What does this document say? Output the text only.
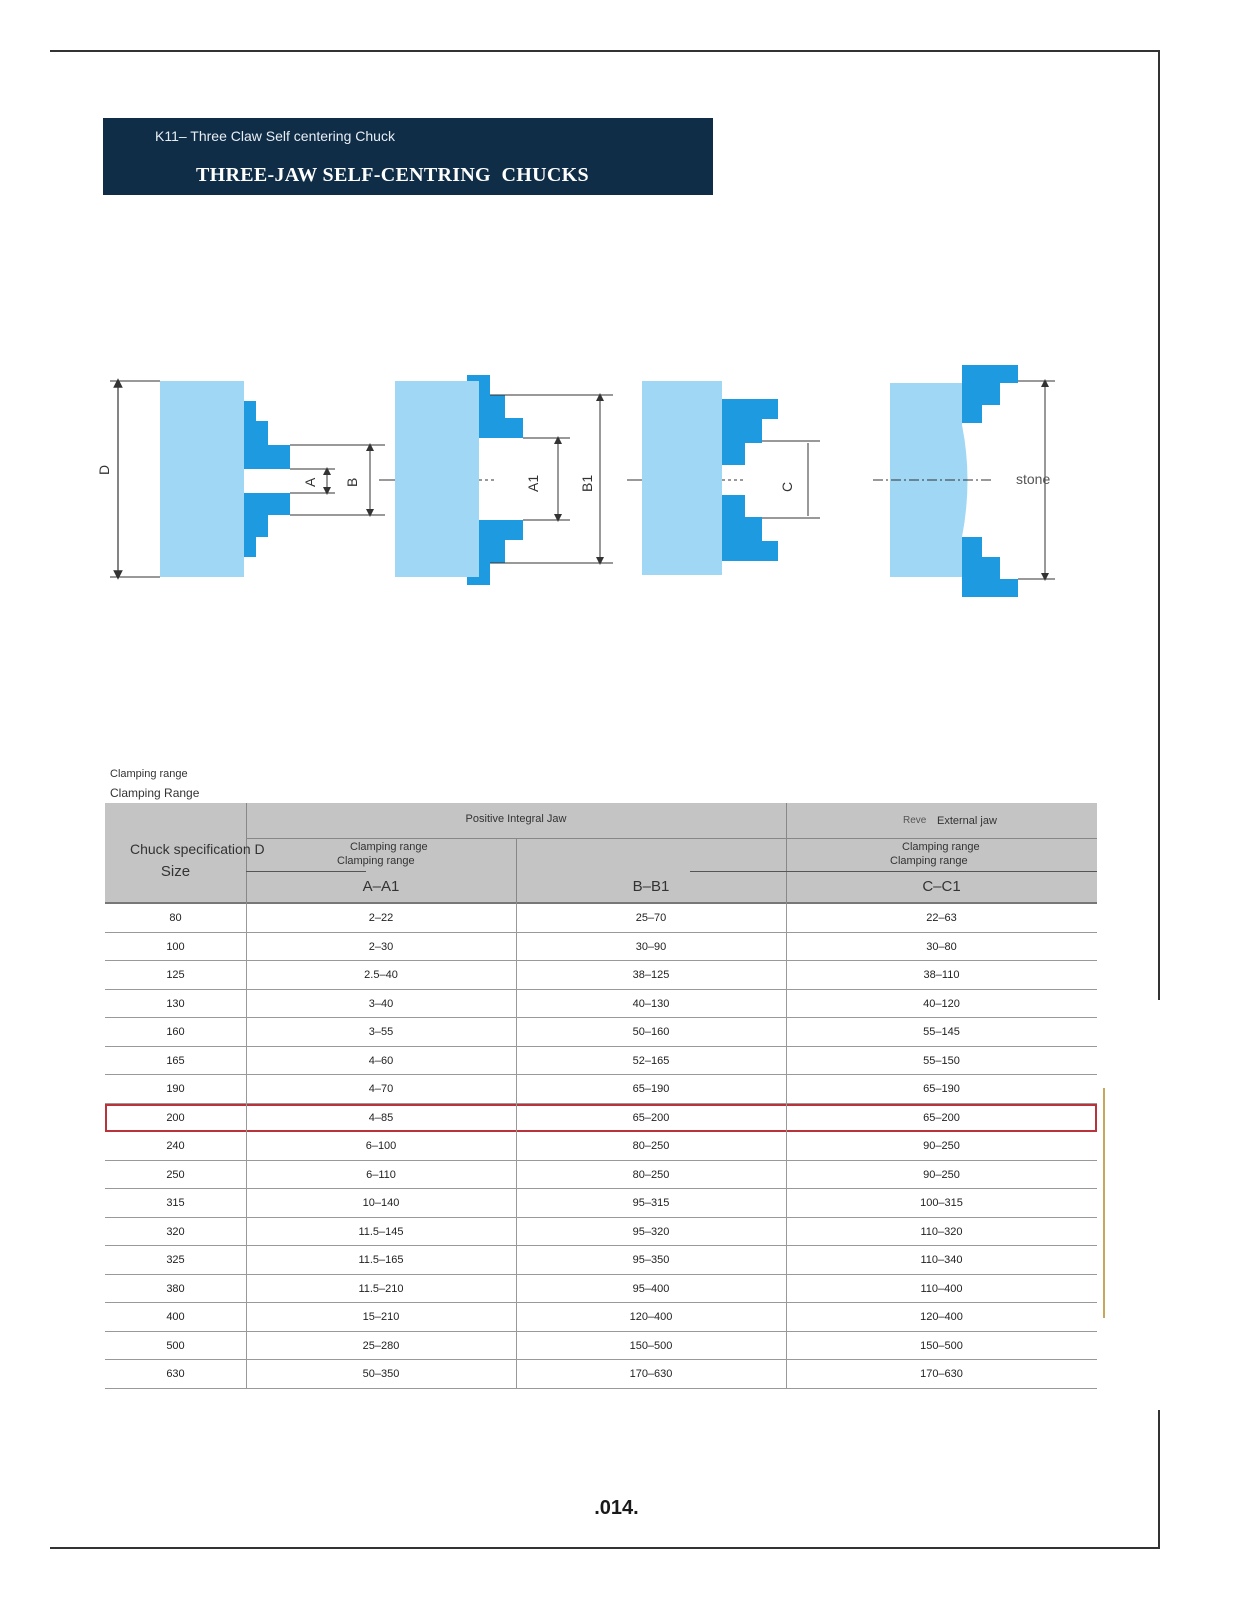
K11– Three Claw Self centering Chuck
THREE-JAW SELF-CENTRING  CHUCKS
D
A B	A1	B1	C	stone
Clamping range
Clamping Range
Positive Integral Jaw	Reve External jaw
Chuck specification D
Size
Clamping range
Clamping range
Clamping range
Clamping range
A–A1	B–B1	C–C1
80	2–22	25–70	22–63
100	2–30	30–90	30–80
125	2.5–40	38–125	38–110
130	3–40	40–130	40–120
160	3–55	50–160	55–145
165	4–60	52–165	55–150
190	4–70	65–190	65–190
200	4–85	65–200	65–200
240	6–100	80–250	90–250
250	6–110	80–250	90–250
315	10–140	95–315	100–315
320	11.5–145	95–320	110–320
325	11.5–165	95–350	110–340
380	11.5–210	95–400	110–400
400	15–210	120–400	120–400
500	25–280	150–500	150–500
630	50–350	170–630	170–630
.014.
